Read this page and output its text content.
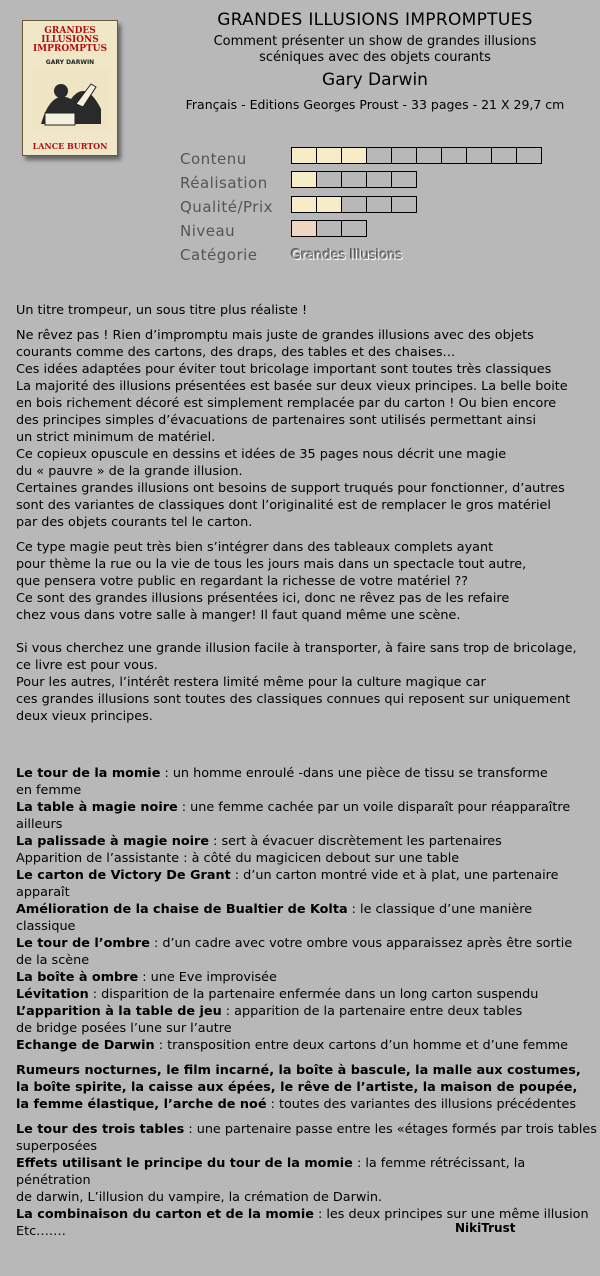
GRANDES ILLUSIONS IMPROMPTUS
GARY DARWIN
LANCE BURTON
GRANDES ILLUSIONS IMPROMPTUES
Comment présenter un show de grandes illusions
scéniques avec des objets courants
Gary Darwin
Français - Editions Georges Proust - 33 pages - 21 X 29,7 cm
Contenu
Réalisation
Qualité/Prix
Niveau
Catégorie	Grandes Illusions

Un titre trompeur, un sous titre plus réaliste !

Ne rêvez pas ! Rien d’impromptu mais juste de grandes illusions avec des objets

courants comme des cartons, des draps, des tables et des chaises…

Ces idées adaptées pour éviter tout bricolage important sont toutes très classiques

La majorité des illusions présentées est basée sur deux vieux principes. La belle boite

en bois richement décoré est simplement remplacée par du carton ! Ou bien encore

des principes simples d’évacuations de partenaires sont utilisés permettant ainsi

un strict minimum de matériel.

Ce copieux opuscule en dessins et idées de 35 pages nous décrit une magie

du « pauvre » de la grande illusion.

Certaines grandes illusions ont besoins de support truqués pour fonctionner, d’autres

sont des variantes de classiques dont l’originalité est de remplacer le gros matériel

par des objets courants tel le carton.

Ce type magie peut très bien s’intégrer dans des tableaux complets ayant

pour thème la rue ou la vie de tous les jours mais dans un spectacle tout autre,

que pensera votre public en regardant la richesse de votre matériel ??

Ce sont des grandes illusions présentées ici, donc ne rêvez pas de les refaire

chez vous dans votre salle à manger! Il faut quand même une scène.

Si vous cherchez une grande illusion facile à transporter, à faire sans trop de bricolage,

ce livre est pour vous.

Pour les autres, l’intérêt restera limité même pour la culture magique car

ces grandes illusions sont toutes des classiques connues qui reposent sur uniquement

deux vieux principes.

Le tour de la momie : un homme enroulé -dans une pièce de tissu se transforme

en femme

La table à magie noire : une femme cachée par un voile disparaît pour réapparaître

ailleurs

La palissade à magie noire : sert à évacuer discrètement les partenaires

Apparition de l’assistante : à côté du magicicen debout sur une table

Le carton de Victory De Grant : d’un carton montré vide et à plat, une partenaire

apparaît

Amélioration de la chaise de Bualtier de Kolta : le classique d’une manière

classique

Le tour de l’ombre : d’un cadre avec votre ombre vous apparaissez après être sortie

de la scène

La boîte à ombre : une Eve improvisée

Lévitation : disparition de la partenaire enfermée dans un long carton suspendu

L’apparition à la table de jeu : apparition de la partenaire entre deux tables

de bridge posées l’une sur l’autre

Echange de Darwin : transposition entre deux cartons d’un homme et d’une femme

Rumeurs nocturnes, le film incarné, la boîte à bascule, la malle aux costumes,

la boîte spirite, la caisse aux épées, le rêve de l’artiste, la maison de poupée,

la femme élastique, l’arche de noé : toutes des variantes des illusions précédentes

Le tour des trois tables : une partenaire passe entre les «étages formés par trois tables

superposées

Effets utilisant le principe du tour de la momie : la femme rétrécissant, la pénétration

de darwin, L’illusion du vampire, la crémation de Darwin.

La combinaison du carton et de la momie : les deux principes sur une même illusion

Etc…….	NikiTrust
